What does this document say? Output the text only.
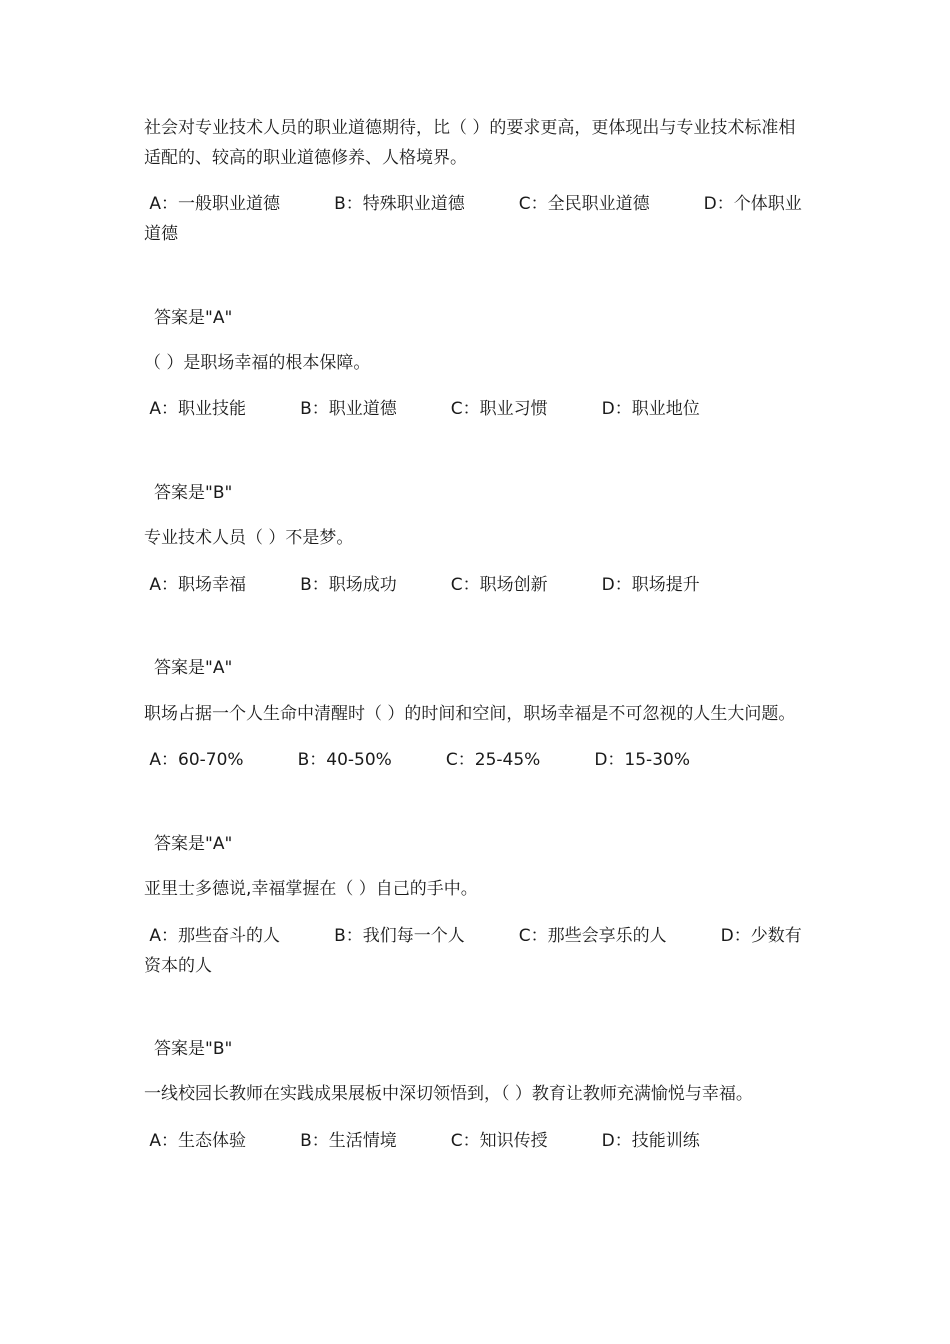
社会对专业技术人员的职业道德期待，比（ ）的要求更高，更体现出与专业技术标准相适配的、较高的职业道德修养、人格境界。

A：一般职业道德          B：特殊职业道德          C：全民职业道德          D：个体职业道德

答案是"A"

（ ）是职场幸福的根本保障。

A：职业技能          B：职业道德          C：职业习惯          D：职业地位

答案是"B"

专业技术人员（ ）不是梦。

A：职场幸福          B：职场成功          C：职场创新          D：职场提升

答案是"A"

职场占据一个人生命中清醒时（ ）的时间和空间，职场幸福是不可忽视的人生大问题。

A：60-70%          B：40-50%          C：25-45%          D：15-30%

答案是"A"

亚里士多德说,幸福掌握在（ ）自己的手中。

A：那些奋斗的人          B：我们每一个人          C：那些会享乐的人          D：少数有资本的人

答案是"B"

一线校园长教师在实践成果展板中深切领悟到，（ ）教育让教师充满愉悦与幸福。

A：生态体验          B：生活情境          C：知识传授          D：技能训练
